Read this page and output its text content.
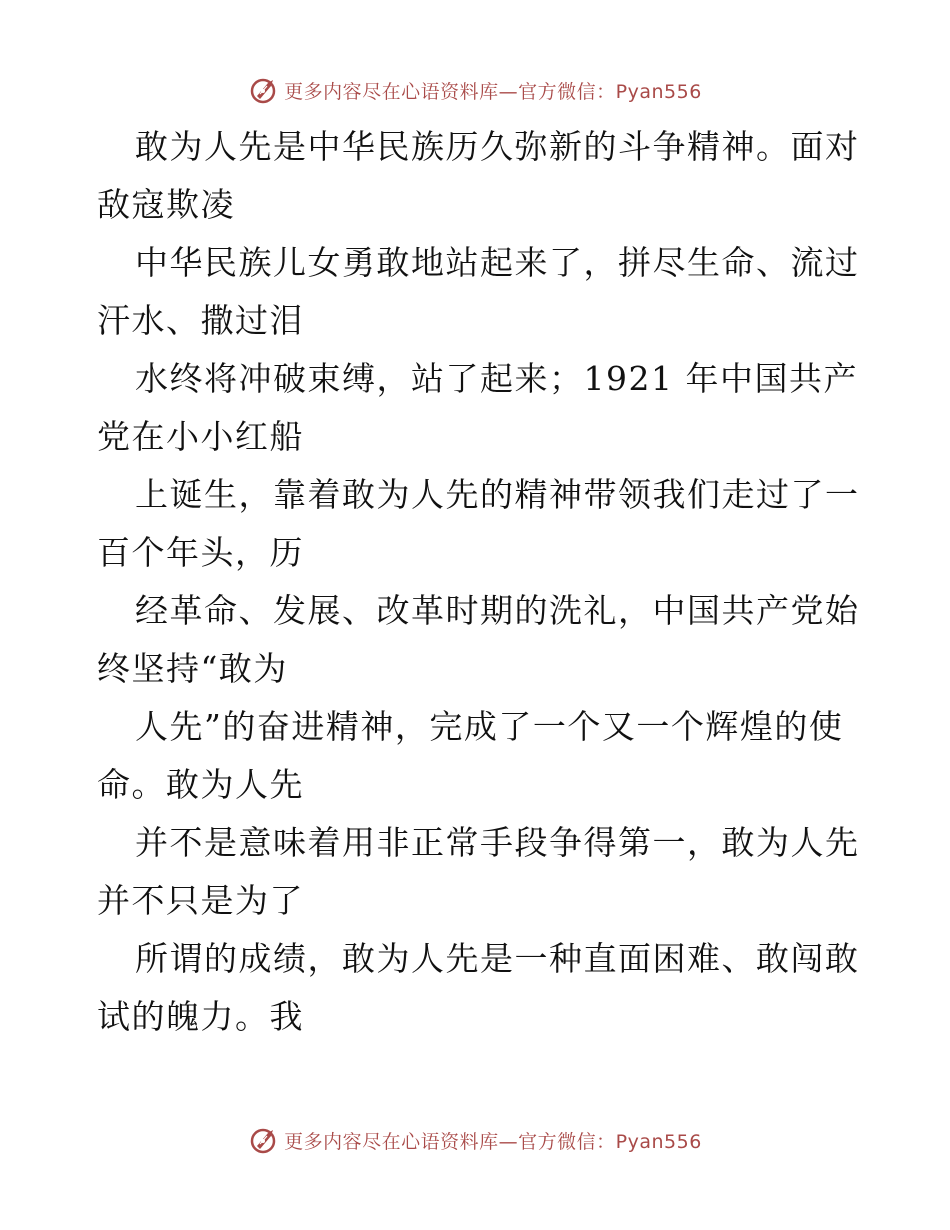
更多内容尽在心语资料库—官方微信：Pyan556

敢为人先是中华民族历久弥新的斗争精神。面对
敌寇欺凌

中华民族儿女勇敢地站起来了，拼尽生命、流过
汗水、撒过泪

水终将冲破束缚，站了起来；1921 年中国共产
党在小小红船

上诞生，靠着敢为人先的精神带领我们走过了一
百个年头，历

经革命、发展、改革时期的洗礼，中国共产党始
终坚持“敢为

人先”的奋进精神，完成了一个又一个辉煌的使
命。敢为人先

并不是意味着用非正常手段争得第一，敢为人先
并不只是为了

所谓的成绩，敢为人先是一种直面困难、敢闯敢
试的魄力。我

更多内容尽在心语资料库—官方微信：Pyan556
